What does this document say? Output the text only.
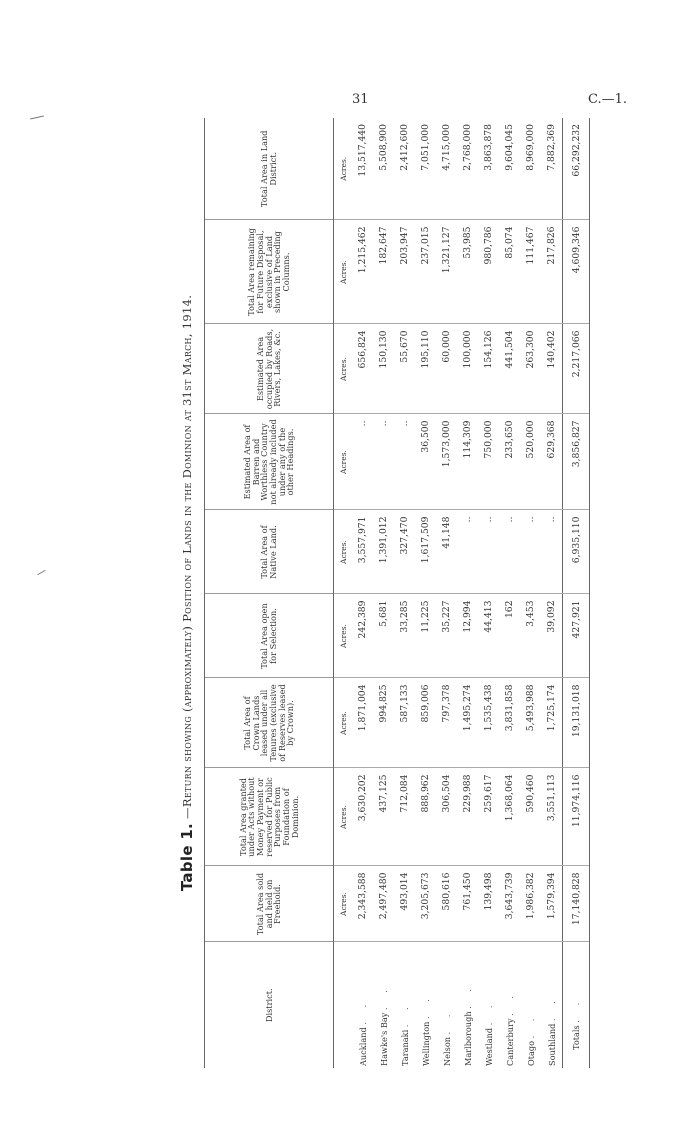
31	C.—1.
Table 1.
—Return showing (approximately) Position of Lands in the Dominion at 31st March, 1914.
District.	Total Area sold and held on Freehold.	Total Area granted under Acts without Money Payment or reserved for Public Purposes from Foundation of Dominion.	Total Area of Crown Lands leased under all Tenures (exclusive of Reserves leased by Crown).	Total Area open for Selection.	Total Area of Native Land.	Estimated Area of Barren and Worthless Country not already included under any of the other Headings.	Estimated Area occupied by Roads, Rivers, Lakes, &c.	Total Area remaining for Future Disposal, exclusive of Land shown in Preceding Columns.	Total Area in Land District.
	Acres.	Acres.	Acres.	Acres.	Acres.	Acres.	Acres.	Acres.	Acres.
Auckland . .	2,343,588	3,630,202	1,871,004	242,389	3,557,971	..	656,824	1,215,462	13,517,440
Hawke's Bay . .	2,497,480	437,125	994,825	5,681	1,391,012	..	150,130	182,647	5,508,900
Taranaki . .	493,014	712,084	587,133	33,285	327,470	..	55,670	203,947	2,412,600
Wellington . .	3,205,673	888,962	859,006	11,225	1,617,509	36,500	195,110	237,015	7,051,000
Nelson . .	580,616	306,504	797,378	35,227	41,148	1,573,000	60,000	1,321,127	4,715,000
Marlborough . .	761,450	229,988	1,495,274	12,994	..	114,309	100,000	53,985	2,768,000
Westland . .	139,498	259,617	1,535,438	44,413	..	750,000	154,126	980,786	3,863,878
Canterbury . .	3,643,739	1,368,064	3,831,858	162	..	233,650	441,504	85,074	9,604,045
Otago . .	1,986,382	590,460	5,493,988	3,453	..	520,000	263,300	111,467	8,969,000
Southland . .	1,579,394	3,551,113	1,725,174	39,092	..	629,368	140,402	217,826	7,882,369
Totals . .	17,140,828	11,974,116	19,131,018	427,921	6,935,110	3,856,827	2,217,066	4,609,346	66,292,232
